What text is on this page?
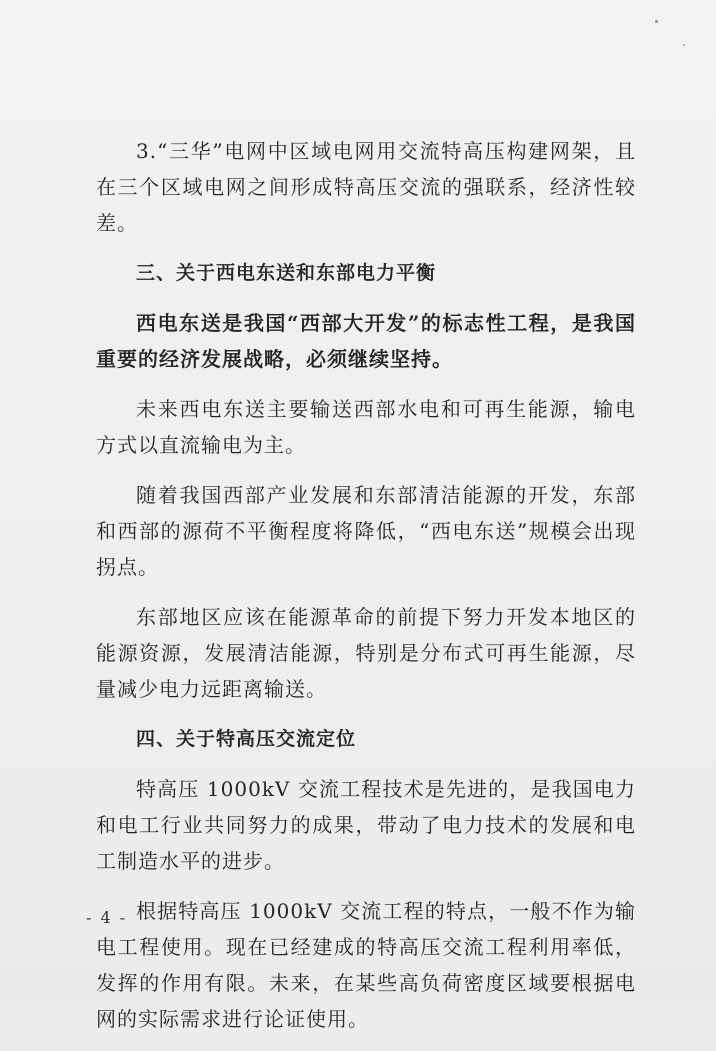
3.“三华”电网中区域电网用交流特高压构建网架，且在三个区域电网之间形成特高压交流的强联系，经济性较差。

三、关于西电东送和东部电力平衡

西电东送是我国“西部大开发”的标志性工程，是我国重要的经济发展战略，必须继续坚持。

未来西电东送主要输送西部水电和可再生能源，输电方式以直流输电为主。

随着我国西部产业发展和东部清洁能源的开发，东部和西部的源荷不平衡程度将降低，“西电东送”规模会出现拐点。

东部地区应该在能源革命的前提下努力开发本地区的能源资源，发展清洁能源，特别是分布式可再生能源，尽量减少电力远距离输送。

四、关于特高压交流定位

特高压 1000kV 交流工程技术是先进的，是我国电力和电工行业共同努力的成果，带动了电力技术的发展和电工制造水平的进步。

根据特高压 1000kV 交流工程的特点，一般不作为输电工程使用。现在已经建成的特高压交流工程利用率低，发挥的作用有限。未来，在某些高负荷密度区域要根据电网的实际需求进行论证使用。

- 4 -
